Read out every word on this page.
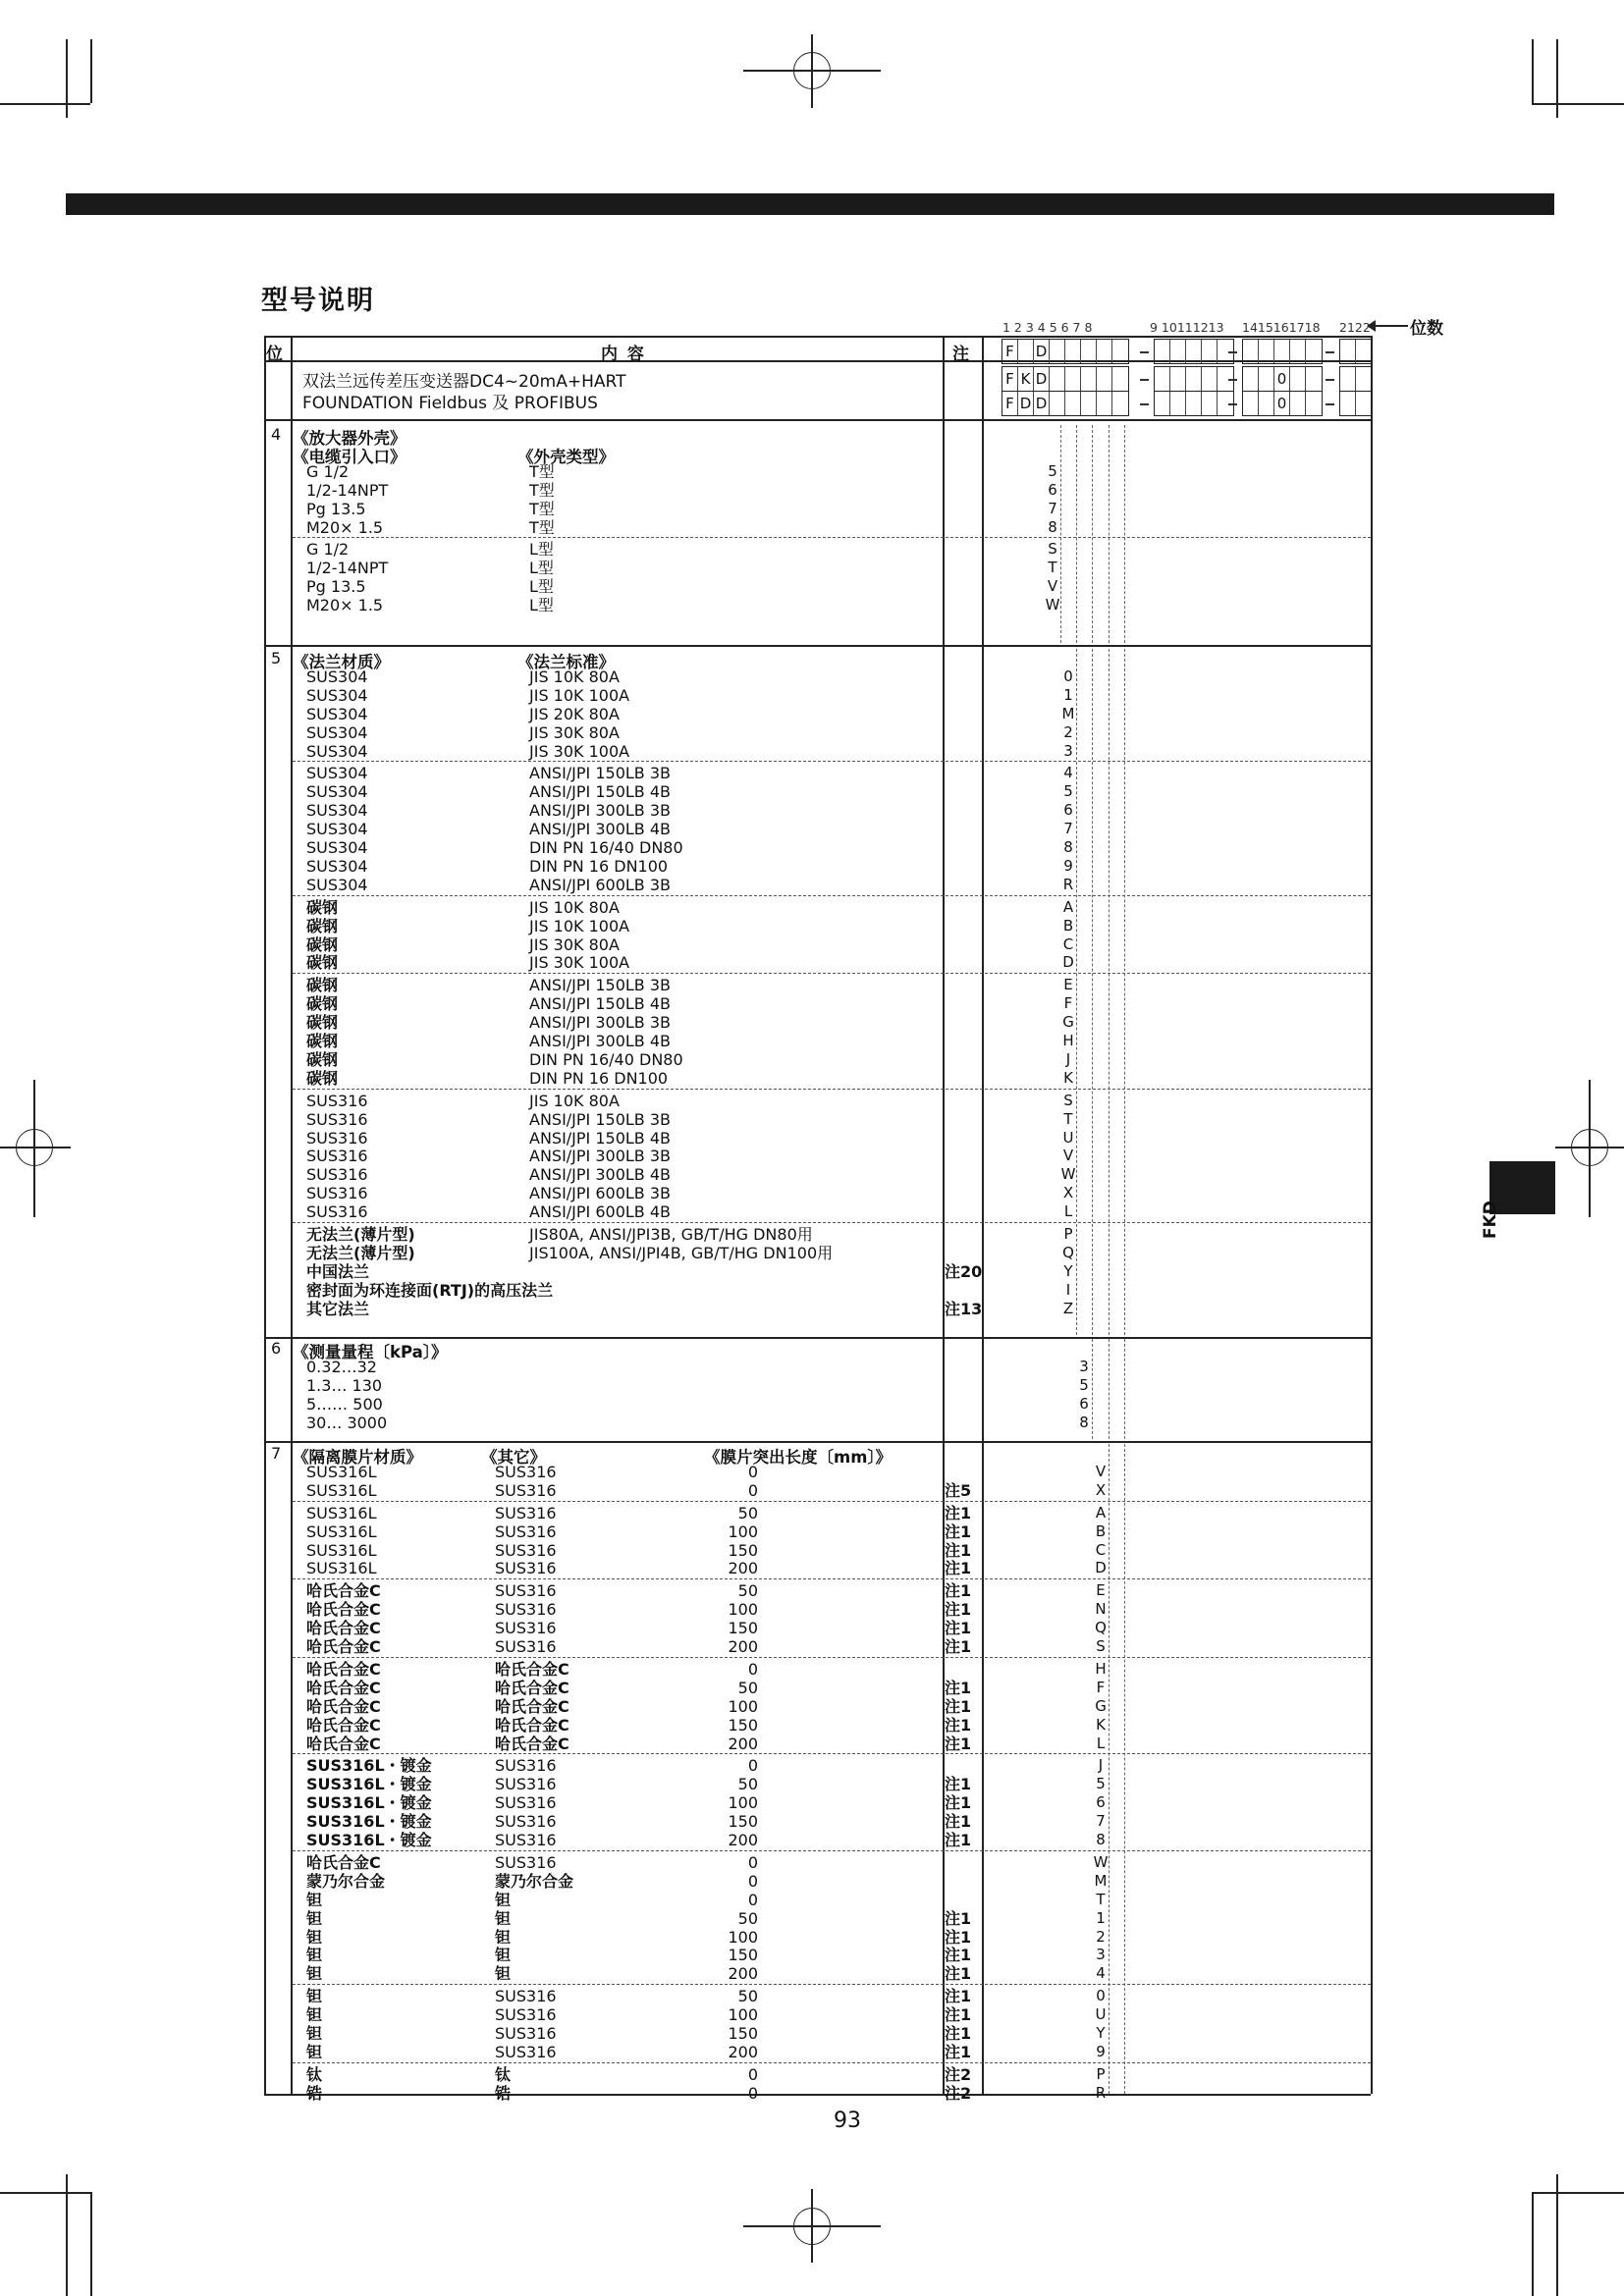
型号说明
1 2 3 4 5 6 7 8	9 10111213 1415161718 2122 位数
位	内 容	注
双法兰远传差压变送器DC4~20mA+HART
FOUNDATION Fieldbus 及 PROFIBUS
F D
F K D	0
F D D	0
4 《放大器外壳》
《电缆引入口》	《外壳类型》
G 1/2	T型	5
1/2-14NPT	T型	6
Pg 13.5	T型	7
M20× 1.5	T型	8
G 1/2	L型	S
1/2-14NPT	L型	T
Pg 13.5	L型	V
M20× 1.5	L型	W
5 《法兰材质》	《法兰标准》
SUS304	JIS 10K 80A	0
SUS304	JIS 10K 100A	1
SUS304	JIS 20K 80A	M
SUS304	JIS 30K 80A	2
SUS304	JIS 30K 100A	3
SUS304	ANSI/JPI 150LB 3B	4
SUS304	ANSI/JPI 150LB 4B	5
SUS304	ANSI/JPI 300LB 3B	6
SUS304	ANSI/JPI 300LB 4B	7
SUS304	DIN PN 16/40 DN80	8
SUS304	DIN PN 16 DN100	9
SUS304	ANSI/JPI 600LB 3B	R
碳钢	JIS 10K 80A	A
碳钢	JIS 10K 100A	B
碳钢	JIS 30K 80A	C
碳钢	JIS 30K 100A	D
碳钢	ANSI/JPI 150LB 3B	E
碳钢	ANSI/JPI 150LB 4B	F
碳钢	ANSI/JPI 300LB 3B	G
碳钢	ANSI/JPI 300LB 4B	H
碳钢	DIN PN 16/40 DN80	J
碳钢	DIN PN 16 DN100	K
SUS316	JIS 10K 80A	S
SUS316	ANSI/JPI 150LB 3B	T
SUS316	ANSI/JPI 150LB 4B	U
SUS316	ANSI/JPI 300LB 3B	V
SUS316	ANSI/JPI 300LB 4B	W
SUS316	ANSI/JPI 600LB 3B	X
SUS316	ANSI/JPI 600LB 4B	L
无法兰(薄片型)	JIS80A, ANSI/JPI3B, GB/T/HG DN80用	P
无法兰(薄片型)	JIS100A, ANSI/JPI4B, GB/T/HG DN100用	Q
中国法兰	注20	Y
密封面为环连接面(RTJ)的高压法兰	I
其它法兰	注13	Z
6 《测量量程〔kPa〕》
0.32…32	3
1.3… 130	5
5…… 500	6
30… 3000	8
7 《隔离膜片材质》	《其它》	《膜片突出长度〔mm〕》
SUS316L	SUS316	0	V
SUS316L	SUS316	0	注5	X
SUS316L	SUS316	50	注1	A
SUS316L	SUS316	100	注1	B
SUS316L	SUS316	150	注1	C
SUS316L	SUS316	200	注1	D
哈氏合金C	SUS316	50	注1	E
哈氏合金C	SUS316	100	注1	N
哈氏合金C	SUS316	150	注1	Q
哈氏合金C	SUS316	200	注1	S
哈氏合金C	哈氏合金C	0	H
哈氏合金C	哈氏合金C	50	注1	F
哈氏合金C	哈氏合金C	100	注1	G
哈氏合金C	哈氏合金C	150	注1	K
哈氏合金C	哈氏合金C	200	注1	L
SUS316L・镀金	SUS316	0	J
SUS316L・镀金	SUS316	50	注1	5
SUS316L・镀金	SUS316	100	注1	6
SUS316L・镀金	SUS316	150	注1	7
SUS316L・镀金	SUS316	200	注1	8
哈氏合金C	SUS316	0	W
蒙乃尔合金	蒙乃尔合金	0	M
钽	钽	0	T
钽	钽	50	注1	1
钽	钽	100	注1	2
钽	钽	150	注1	3
钽	钽	200	注1	4
钽	SUS316	50	注1	0
钽	SUS316	100	注1	U
钽	SUS316	150	注1	Y
钽	SUS316	200	注1	9
钛	钛	0	注2	P
锆	锆	0	注2	R
FKD
93
